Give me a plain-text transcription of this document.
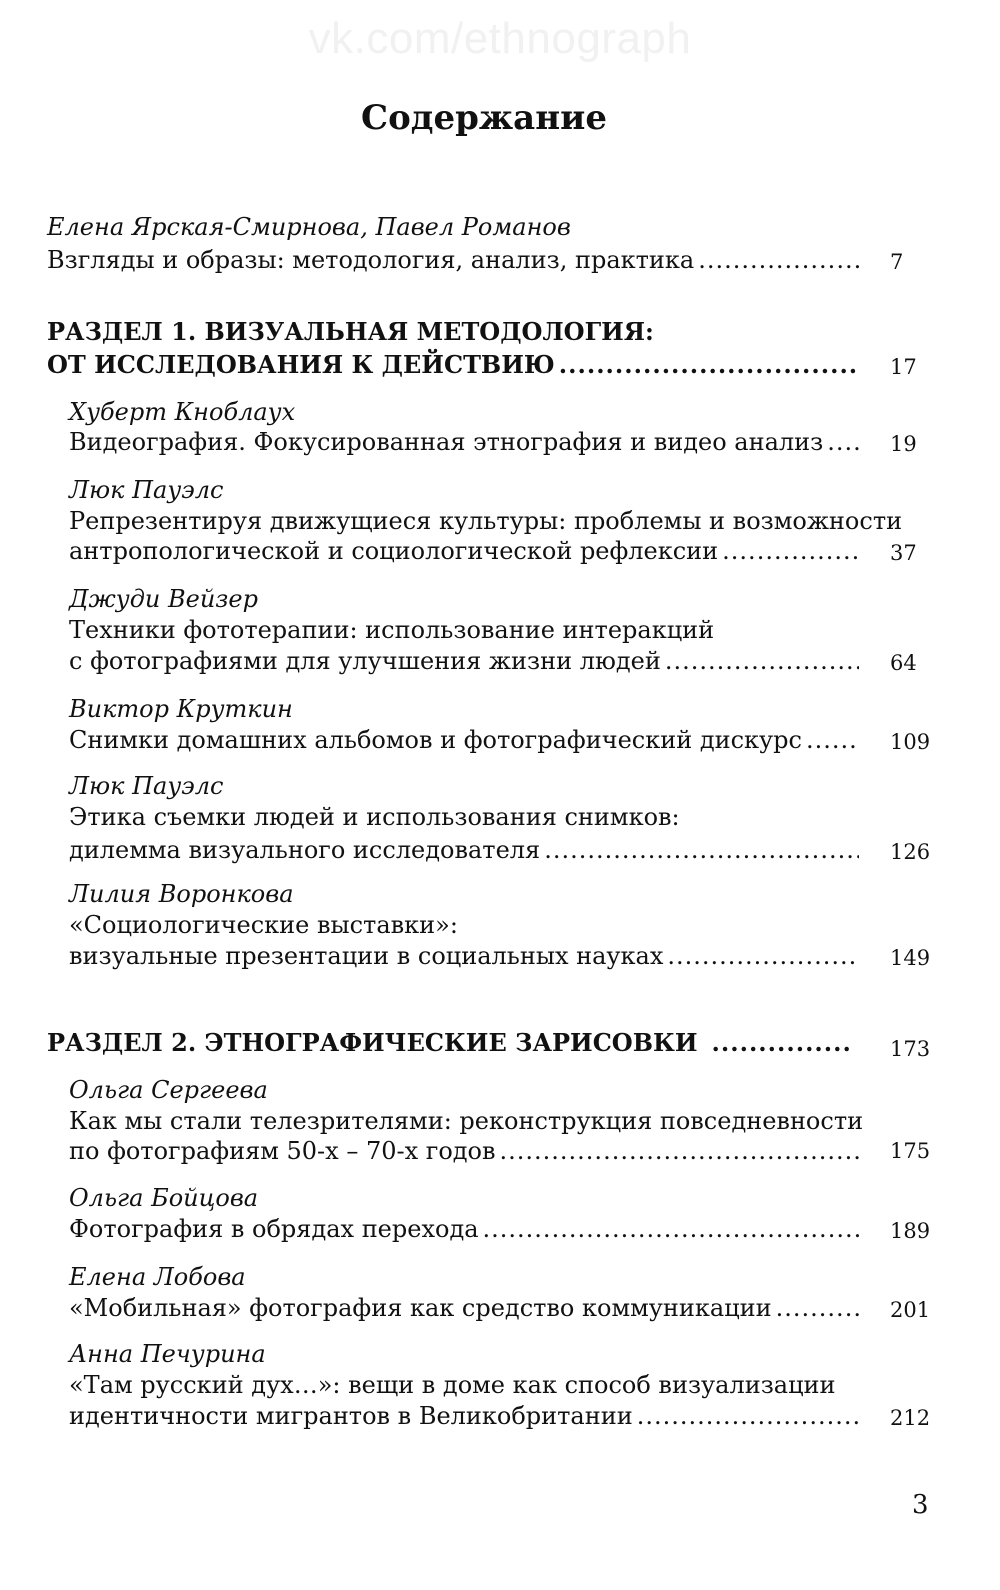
vk.com/ethnograph
Содержание
Елена Ярская-Смирнова, Павел Романов
Взгляды и образы: методология, анализ, практика .....	7
РАЗДЕЛ 1. ВИЗУАЛЬНАЯ МЕТОДОЛОГИЯ:
ОТ ИССЛЕДОВАНИЯ К ДЕЙСТВИЮ .....	17
Хуберт Кноблаух
Видеография. Фокусированная этнография и видео анализ .....	19
Люк Пауэлс
Репрезентируя движущиеся культуры: проблемы и возможности
антропологической и социологической рефлексии .....	37
Джуди Вейзер
Техники фототерапии: использование интеракций
с фотографиями для улучшения жизни людей .....	64
Виктор Круткин
Снимки домашних альбомов и фотографический дискурс .....	109
Люк Пауэлс
Этика съемки людей и использования снимков:
дилемма визуального исследователя .....	126
Лилия Воронкова
«Социологические выставки»:
визуальные презентации в социальных науках .....	149
РАЗДЕЛ 2. ЭТНОГРАФИЧЕСКИЕ ЗАРИСОВКИ .....	173
Ольга Сергеева
Как мы стали телезрителями: реконструкция повседневности
по фотографиям 50-х – 70-х годов .....	175
Ольга Бойцова
Фотография в обрядах перехода .....	189
Елена Лобова
«Мобильная» фотография как средство коммуникации .....	201
Анна Печурина
«Там русский дух…»: вещи в доме как способ визуализации
идентичности мигрантов в Великобритании .....	212
3
